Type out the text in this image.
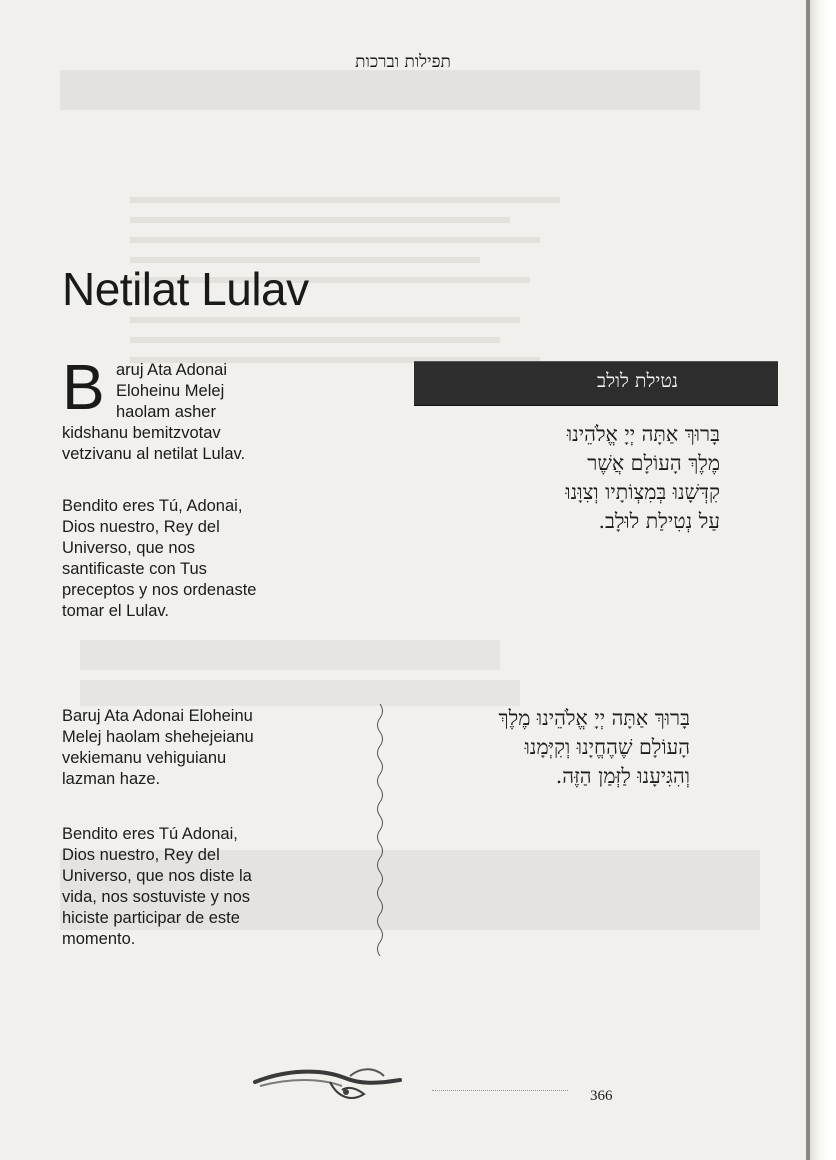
תפילות וברכות
Netilat Lulav
B aruj Ata Adonai
Eloheinu Melej
haolam asher
kidshanu bemitzvotav
vetzivanu al netilat Lulav.
Bendito eres Tú, Adonai,
Dios nuestro, Rey del
Universo, que nos
santificaste con Tus
preceptos y nos ordenaste
tomar el Lulav.
נטילת לולב
בָּרוּךְ אַתָּה יְיָ אֱלֹהֵינוּ
מֶלֶךְ הָעוֹלָם אֲשֶׁר
קִדְּשָׁנוּ בְּמִצְוֹתָיו וְצִוָּנוּ
עַל נְטִילַת לוּלָב.
Baruj Ata Adonai Eloheinu
Melej haolam shehejeianu
vekiemanu vehiguianu
lazman haze.
Bendito eres Tú Adonai,
Dios nuestro, Rey del
Universo, que nos diste la
vida, nos sostuviste y nos
hiciste participar de este
momento.
בָּרוּךְ אַתָּה יְיָ אֱלֹהֵינוּ מֶלֶךְ
הָעוֹלָם שֶׁהֶחֱיָנוּ וְקִיְּמָנוּ
וְהִגִּיעָנוּ לַזְּמַן הַזֶּה.
366
